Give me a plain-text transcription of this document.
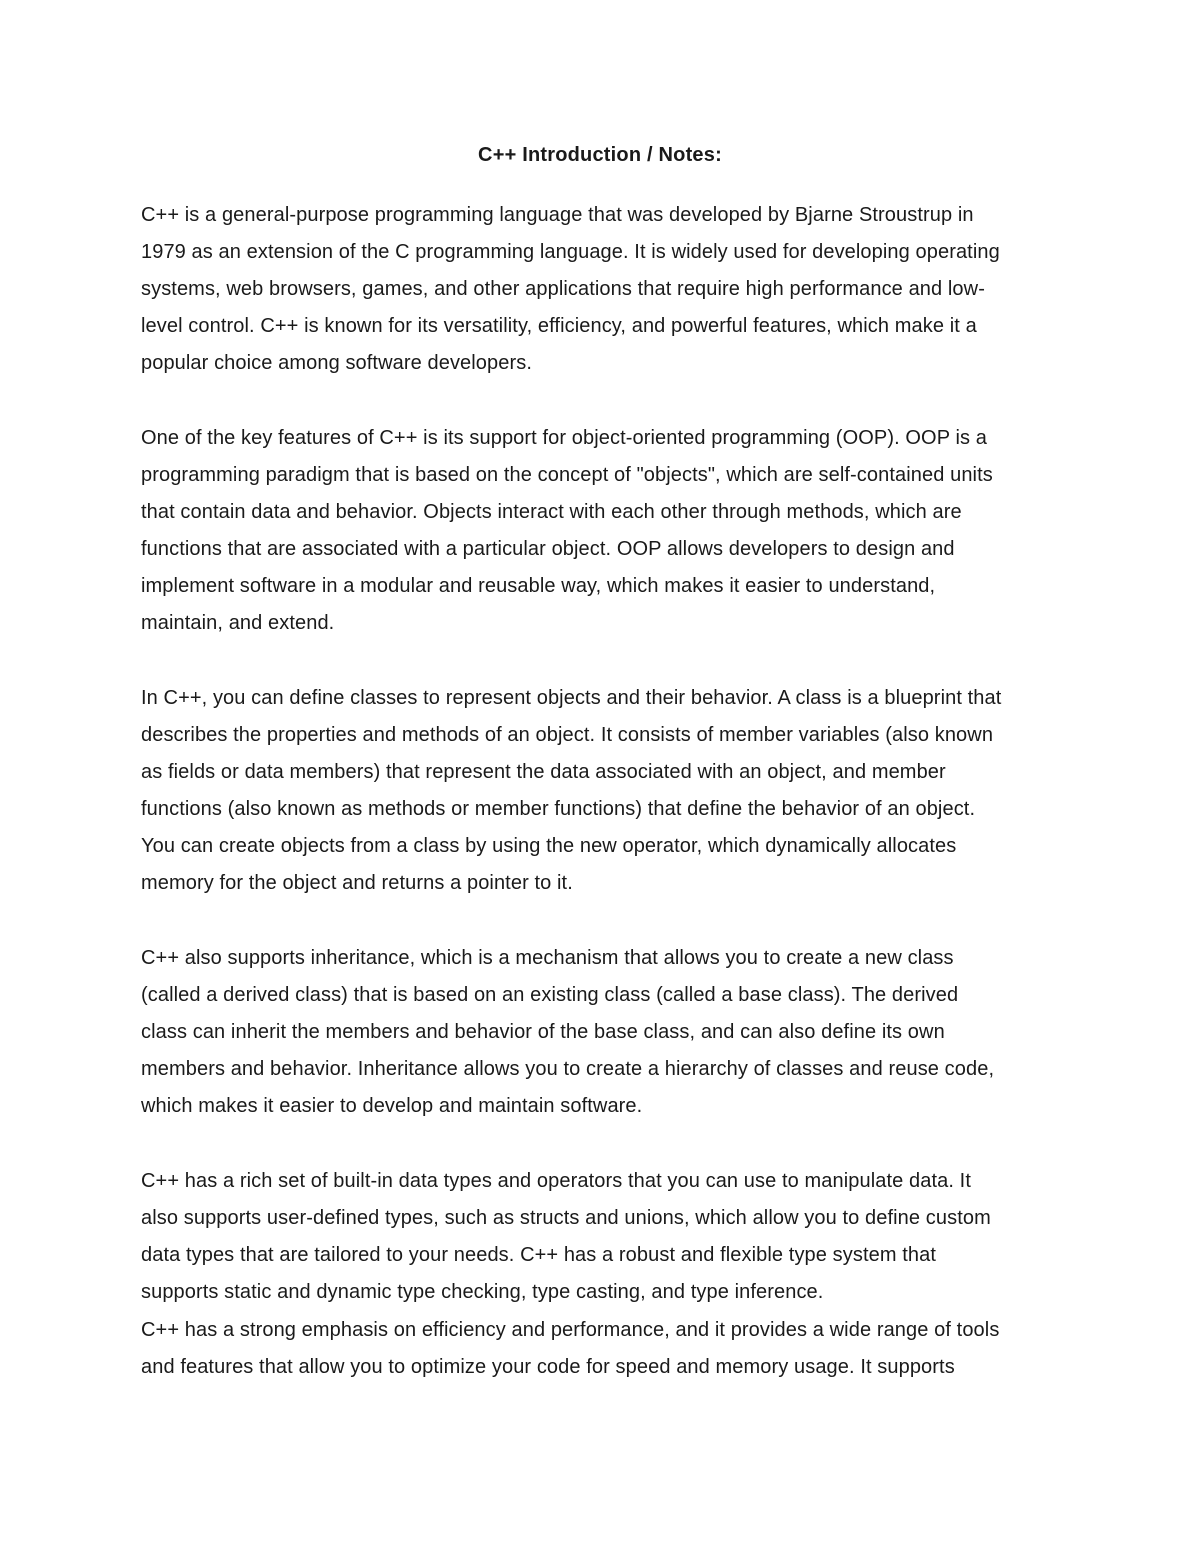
C++ Introduction / Notes:
C++ is a general-purpose programming language that was developed by Bjarne Stroustrup in
1979 as an extension of the C programming language. It is widely used for developing operating
systems, web browsers, games, and other applications that require high performance and low-
level control. C++ is known for its versatility, efficiency, and powerful features, which make it a
popular choice among software developers.
One of the key features of C++ is its support for object-oriented programming (OOP). OOP is a
programming paradigm that is based on the concept of "objects", which are self-contained units
that contain data and behavior. Objects interact with each other through methods, which are
functions that are associated with a particular object. OOP allows developers to design and
implement software in a modular and reusable way, which makes it easier to understand,
maintain, and extend.
In C++, you can define classes to represent objects and their behavior. A class is a blueprint that
describes the properties and methods of an object. It consists of member variables (also known
as fields or data members) that represent the data associated with an object, and member
functions (also known as methods or member functions) that define the behavior of an object.
You can create objects from a class by using the new operator, which dynamically allocates
memory for the object and returns a pointer to it.
C++ also supports inheritance, which is a mechanism that allows you to create a new class
(called a derived class) that is based on an existing class (called a base class). The derived
class can inherit the members and behavior of the base class, and can also define its own
members and behavior. Inheritance allows you to create a hierarchy of classes and reuse code,
which makes it easier to develop and maintain software.
C++ has a rich set of built-in data types and operators that you can use to manipulate data. It
also supports user-defined types, such as structs and unions, which allow you to define custom
data types that are tailored to your needs. C++ has a robust and flexible type system that
supports static and dynamic type checking, type casting, and type inference.
C++ has a strong emphasis on efficiency and performance, and it provides a wide range of tools
and features that allow you to optimize your code for speed and memory usage. It supports
